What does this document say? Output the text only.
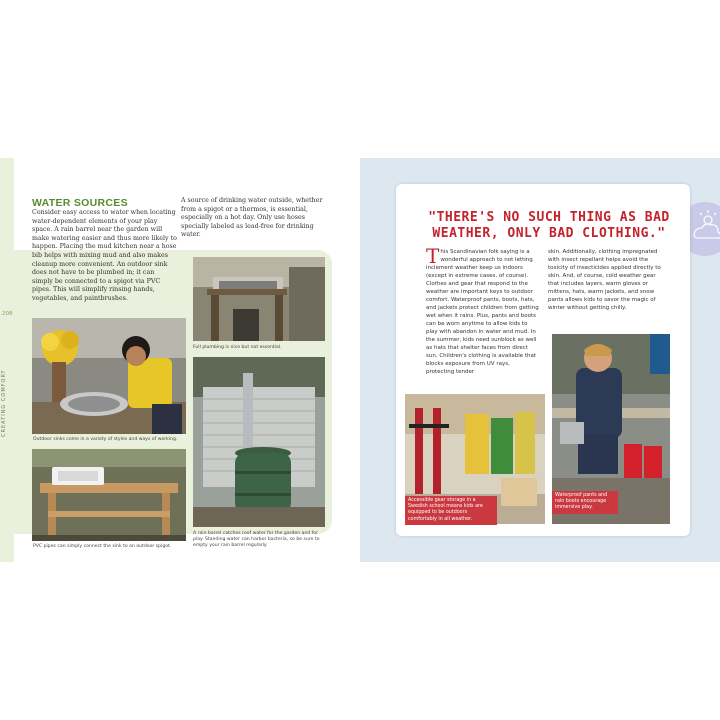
208
CREATING COMFORT
WATER SOURCES
Consider easy access to water when locating water-dependent elements of your play space. A rain barrel near the garden will make watering easier and thus more likely to happen. Placing the mud kitchen near a hose bib helps with mixing mud and also makes cleanup more convenient. An outdoor sink does not have to be plumbed in; it can simply be connected to a spigot via PVC pipes. This will simplify rinsing hands, vegetables, and paintbrushes.
A source of drinking water outside, whether from a spigot or a thermos, is essential, especially on a hot day. Only use hoses specially labeled as lead-free for drinking water.
Full plumbing is nice but not essential.
Outdoor sinks come in a variety of styles and ways of working.
A rain barrel catches roof water for the garden and for play. Standing water can harbor bacteria, so be sure to empty your rain barrel regularly.
PVC pipes can simply connect the sink to an outdoor spigot.
"THERE'S NO SUCH THING AS BAD WEATHER, ONLY BAD CLOTHING."
This Scandinavian folk saying is a wonderful approach to not letting inclement weather keep us indoors (except in extreme cases, of course). Clothes and gear that respond to the weather are important keys to outdoor comfort. Waterproof pants, boots, hats, and jackets protect children from getting wet when it rains. Plus, pants and boots can be worn anytime to allow kids to play with abandon in water and mud. In the summer, kids need sunblock as well as hats that shelter faces from direct sun. Children's clothing is available that blocks exposure from UV rays, protecting tender
skin. Additionally, clothing impregnated with insect repellant helps avoid the toxicity of insecticides applied directly to skin. And, of course, cold weather gear that includes layers, warm gloves or mittens, hats, warm jackets, and snow pants allows kids to savor the magic of winter without getting chilly.
Accessible gear storage in a Swedish school means kids are equipped to be outdoors comfortably in all weather.
Waterproof pants and rain boots encourage immersive play.
